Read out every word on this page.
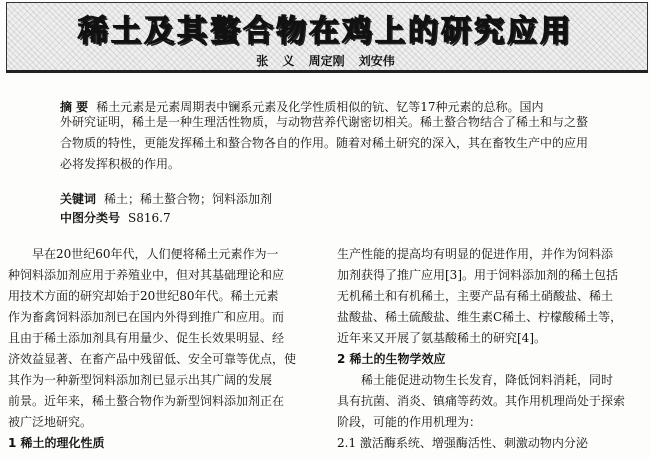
稀土及其螯合物在鸡上的研究应用
张 义 周定刚 刘安伟
摘 要 稀土元素是元素周期表中镧系元素及化学性质相似的钪、钇等17种元素的总称。国内
外研究证明，稀土是一种生理活性物质，与动物营养代谢密切相关。稀土螯合物结合了稀土和与之螯
合物质的特性，更能发挥稀土和螯合物各自的作用。随着对稀土研究的深入，其在畜牧生产中的应用
必将发挥积极的作用。
关键词 稀土；稀土螯合物；饲料添加剂
中图分类号 S816.7
早在20世纪60年代，人们便将稀土元素作为一
种饲料添加剂应用于养殖业中，但对其基础理论和应
用技术方面的研究却始于20世纪80年代。稀土元素
作为畜禽饲料添加剂已在国内外得到推广和应用。而
且由于稀土添加剂具有用量少、促生长效果明显、经
济效益显著、在畜产品中残留低、安全可靠等优点，使
其作为一种新型饲料添加剂已显示出其广阔的发展
前景。近年来，稀土螯合物作为新型饲料添加剂正在
被广泛地研究。
1 稀土的理化性质
生产性能的提高均有明显的促进作用，并作为饲料添
加剂获得了推广应用[3]。用于饲料添加剂的稀土包括
无机稀土和有机稀土，主要产品有稀土硝酸盐、稀土
盐酸盐、稀土硫酸盐、维生素C稀土、柠檬酸稀土等，
近年来又开展了氨基酸稀土的研究[4]。
2 稀土的生物学效应
稀土能促进动物生长发育，降低饲料消耗，同时
具有抗菌、消炎、镇痛等药效。其作用机理尚处于探索
阶段，可能的作用机理为：
2.1 激活酶系统、增强酶活性、刺激动物内分泌
